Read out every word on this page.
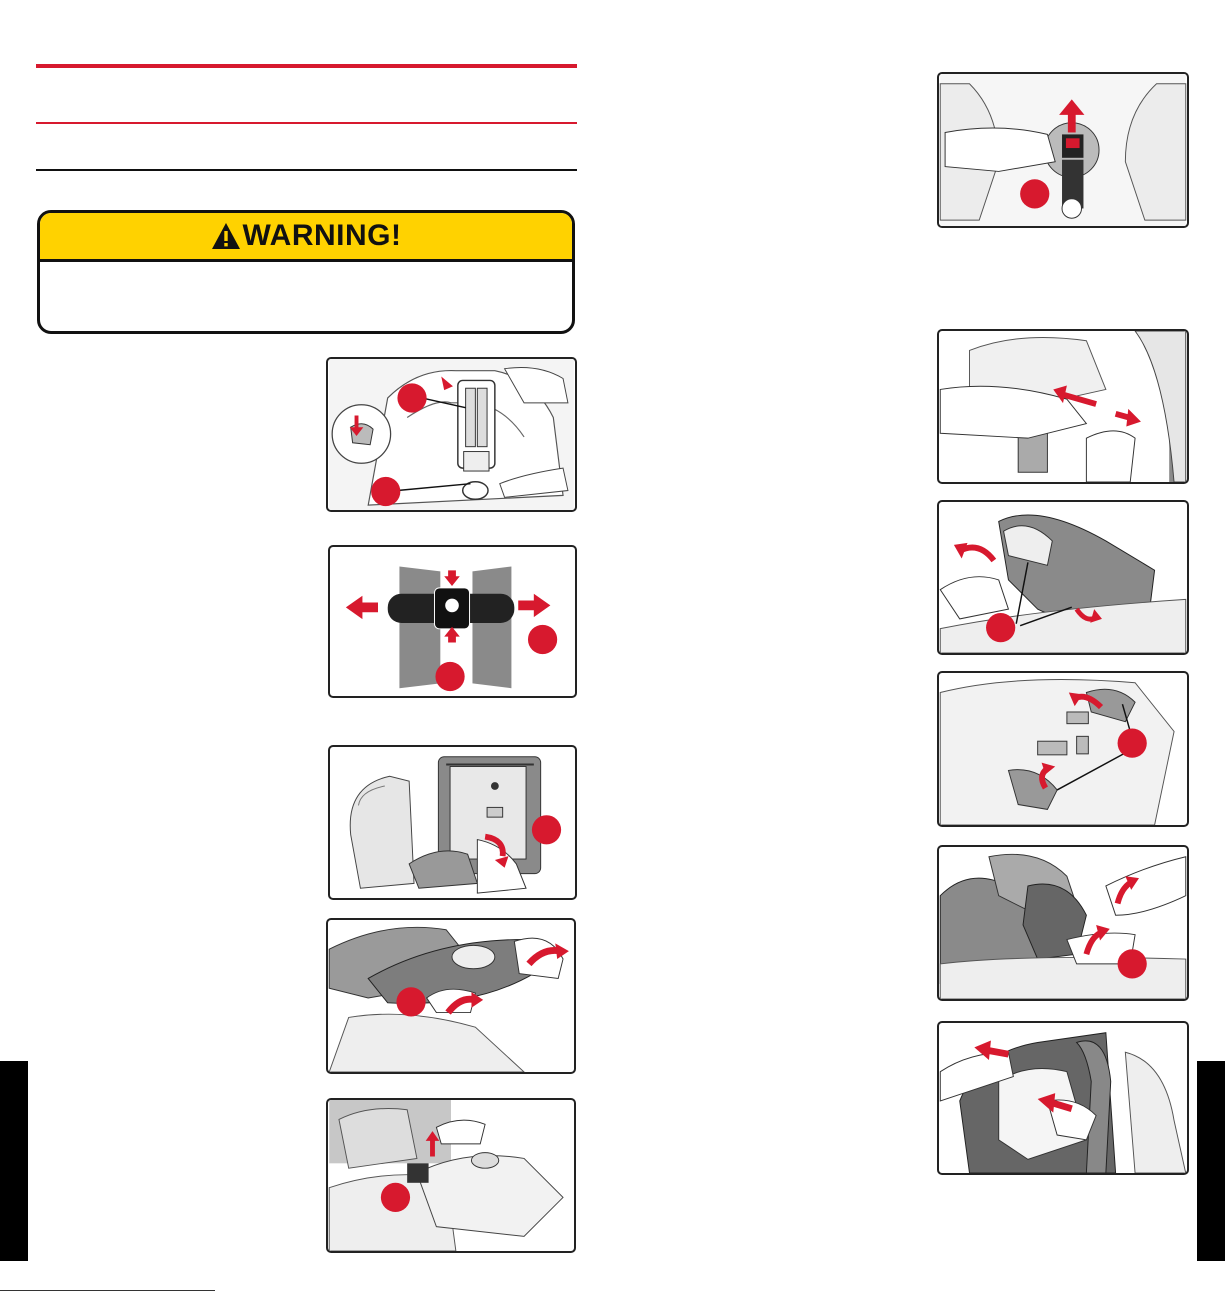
WARNING!
